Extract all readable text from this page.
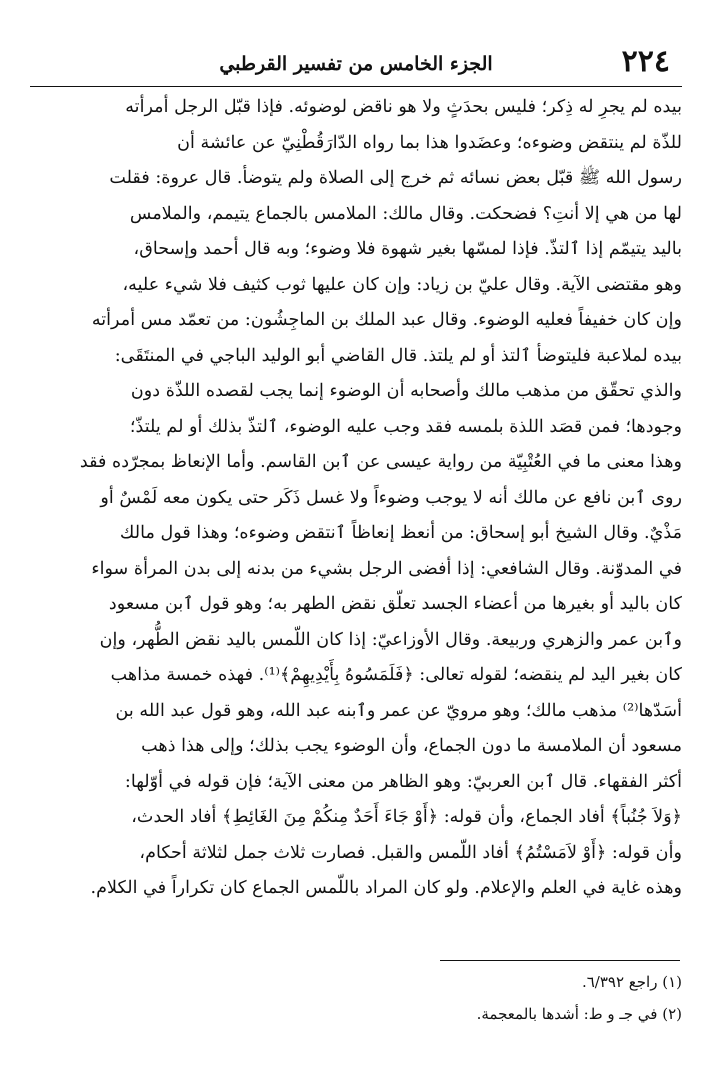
٢٢٤
الجزء الخامس من تفسير القرطبي
بيده لم يجرِ له ذِكر؛ فليس بحدَثٍ ولا هو ناقض لوضوئه. فإذا قبّل الرجل أمرأته
للذّة لم ينتقض وضوءه؛ وعضَدوا هذا بما رواه الدّارَقُطْنِيّ عن عائشة أن
رسول الله ﷺ قبّل بعض نسائه ثم خرج إلى الصلاة ولم يتوضأ. قال عروة: فقلت
لها من هي إلا أنتِ؟ فضحكت. وقال مالك: الملامس بالجماع يتيمم، والملامس
باليد يتيمّم إذا ٱلتذّ. فإذا لمسّها بغير شهوة فلا وضوء؛ وبه قال أحمد وإسحاق،
وهو مقتضى الآية. وقال عليّ بن زياد: وإن كان عليها ثوب كثيف فلا شيء عليه،
وإن كان خفيفاً فعليه الوضوء. وقال عبد الملك بن الماجِشُون: من تعمّد مس أمرأته
بيده لملاعبة فليتوضأ ٱلتذ أو لم يلتذ. قال القاضي أبو الوليد الباجي في المنتَقَى:
والذي تحقّق من مذهب مالك وأصحابه أن الوضوء إنما يجب لقصده اللذّة دون
وجودها؛ فمن قصَد اللذة بلمسه فقد وجب عليه الوضوء، ٱلتذّ بذلك أو لم يلتذّ؛
وهذا معنى ما في العُتْبِيّة من رواية عيسى عن ٱبن القاسم. وأما الإنعاظ بمجرّده فقد
روى ٱبن نافع عن مالك أنه لا يوجب وضوءاً ولا غسل ذَكَر حتى يكون معه لَمْسٌ أو
مَذْيٌ. وقال الشيخ أبو إسحاق: من أنعظ إنعاظاً ٱنتقض وضوءه؛ وهذا قول مالك
في المدوّنة. وقال الشافعي: إذا أفضى الرجل بشيء من بدنه إلى بدن المرأة سواء
كان باليد أو بغيرها من أعضاء الجسد تعلّق نقض الطهر به؛ وهو قول ٱبن مسعود
وٱبن عمر والزهري وربيعة. وقال الأوزاعيّ: إذا كان اللّمس باليد نقض الطُّهر، وإن
كان بغير اليد لم ينقضه؛ لقوله تعالى: ﴿فَلَمَسُوهُ بِأَيْدِيهِمْ﴾⁽¹⁾. فهذه خمسة مذاهب
أسَدّها⁽²⁾ مذهب مالك؛ وهو مرويّ عن عمر وٱبنه عبد الله، وهو قول عبد الله بن
مسعود أن الملامسة ما دون الجماع، وأن الوضوء يجب بذلك؛ وإلى هذا ذهب
أكثر الفقهاء. قال ٱبن العربيّ: وهو الظاهر من معنى الآية؛ فإن قوله في أوّلها:
﴿وَلاَ جُنُباً﴾ أفاد الجماع، وأن قوله: ﴿أَوْ جَاءَ أَحَدٌ مِنكُمْ مِنَ الغَائِطِ﴾ أفاد الحدث،
وأن قوله: ﴿أَوْ لاَمَسْتُمُ﴾ أفاد اللّمس والقبل. فصارت ثلاث جمل لثلاثة أحكام،
وهذه غاية في العلم والإعلام. ولو كان المراد باللّمس الجماع كان تكراراً في الكلام.
(١) راجع ٦/٣٩٢.
(٢) في جـ و ط: أشدها بالمعجمة.
